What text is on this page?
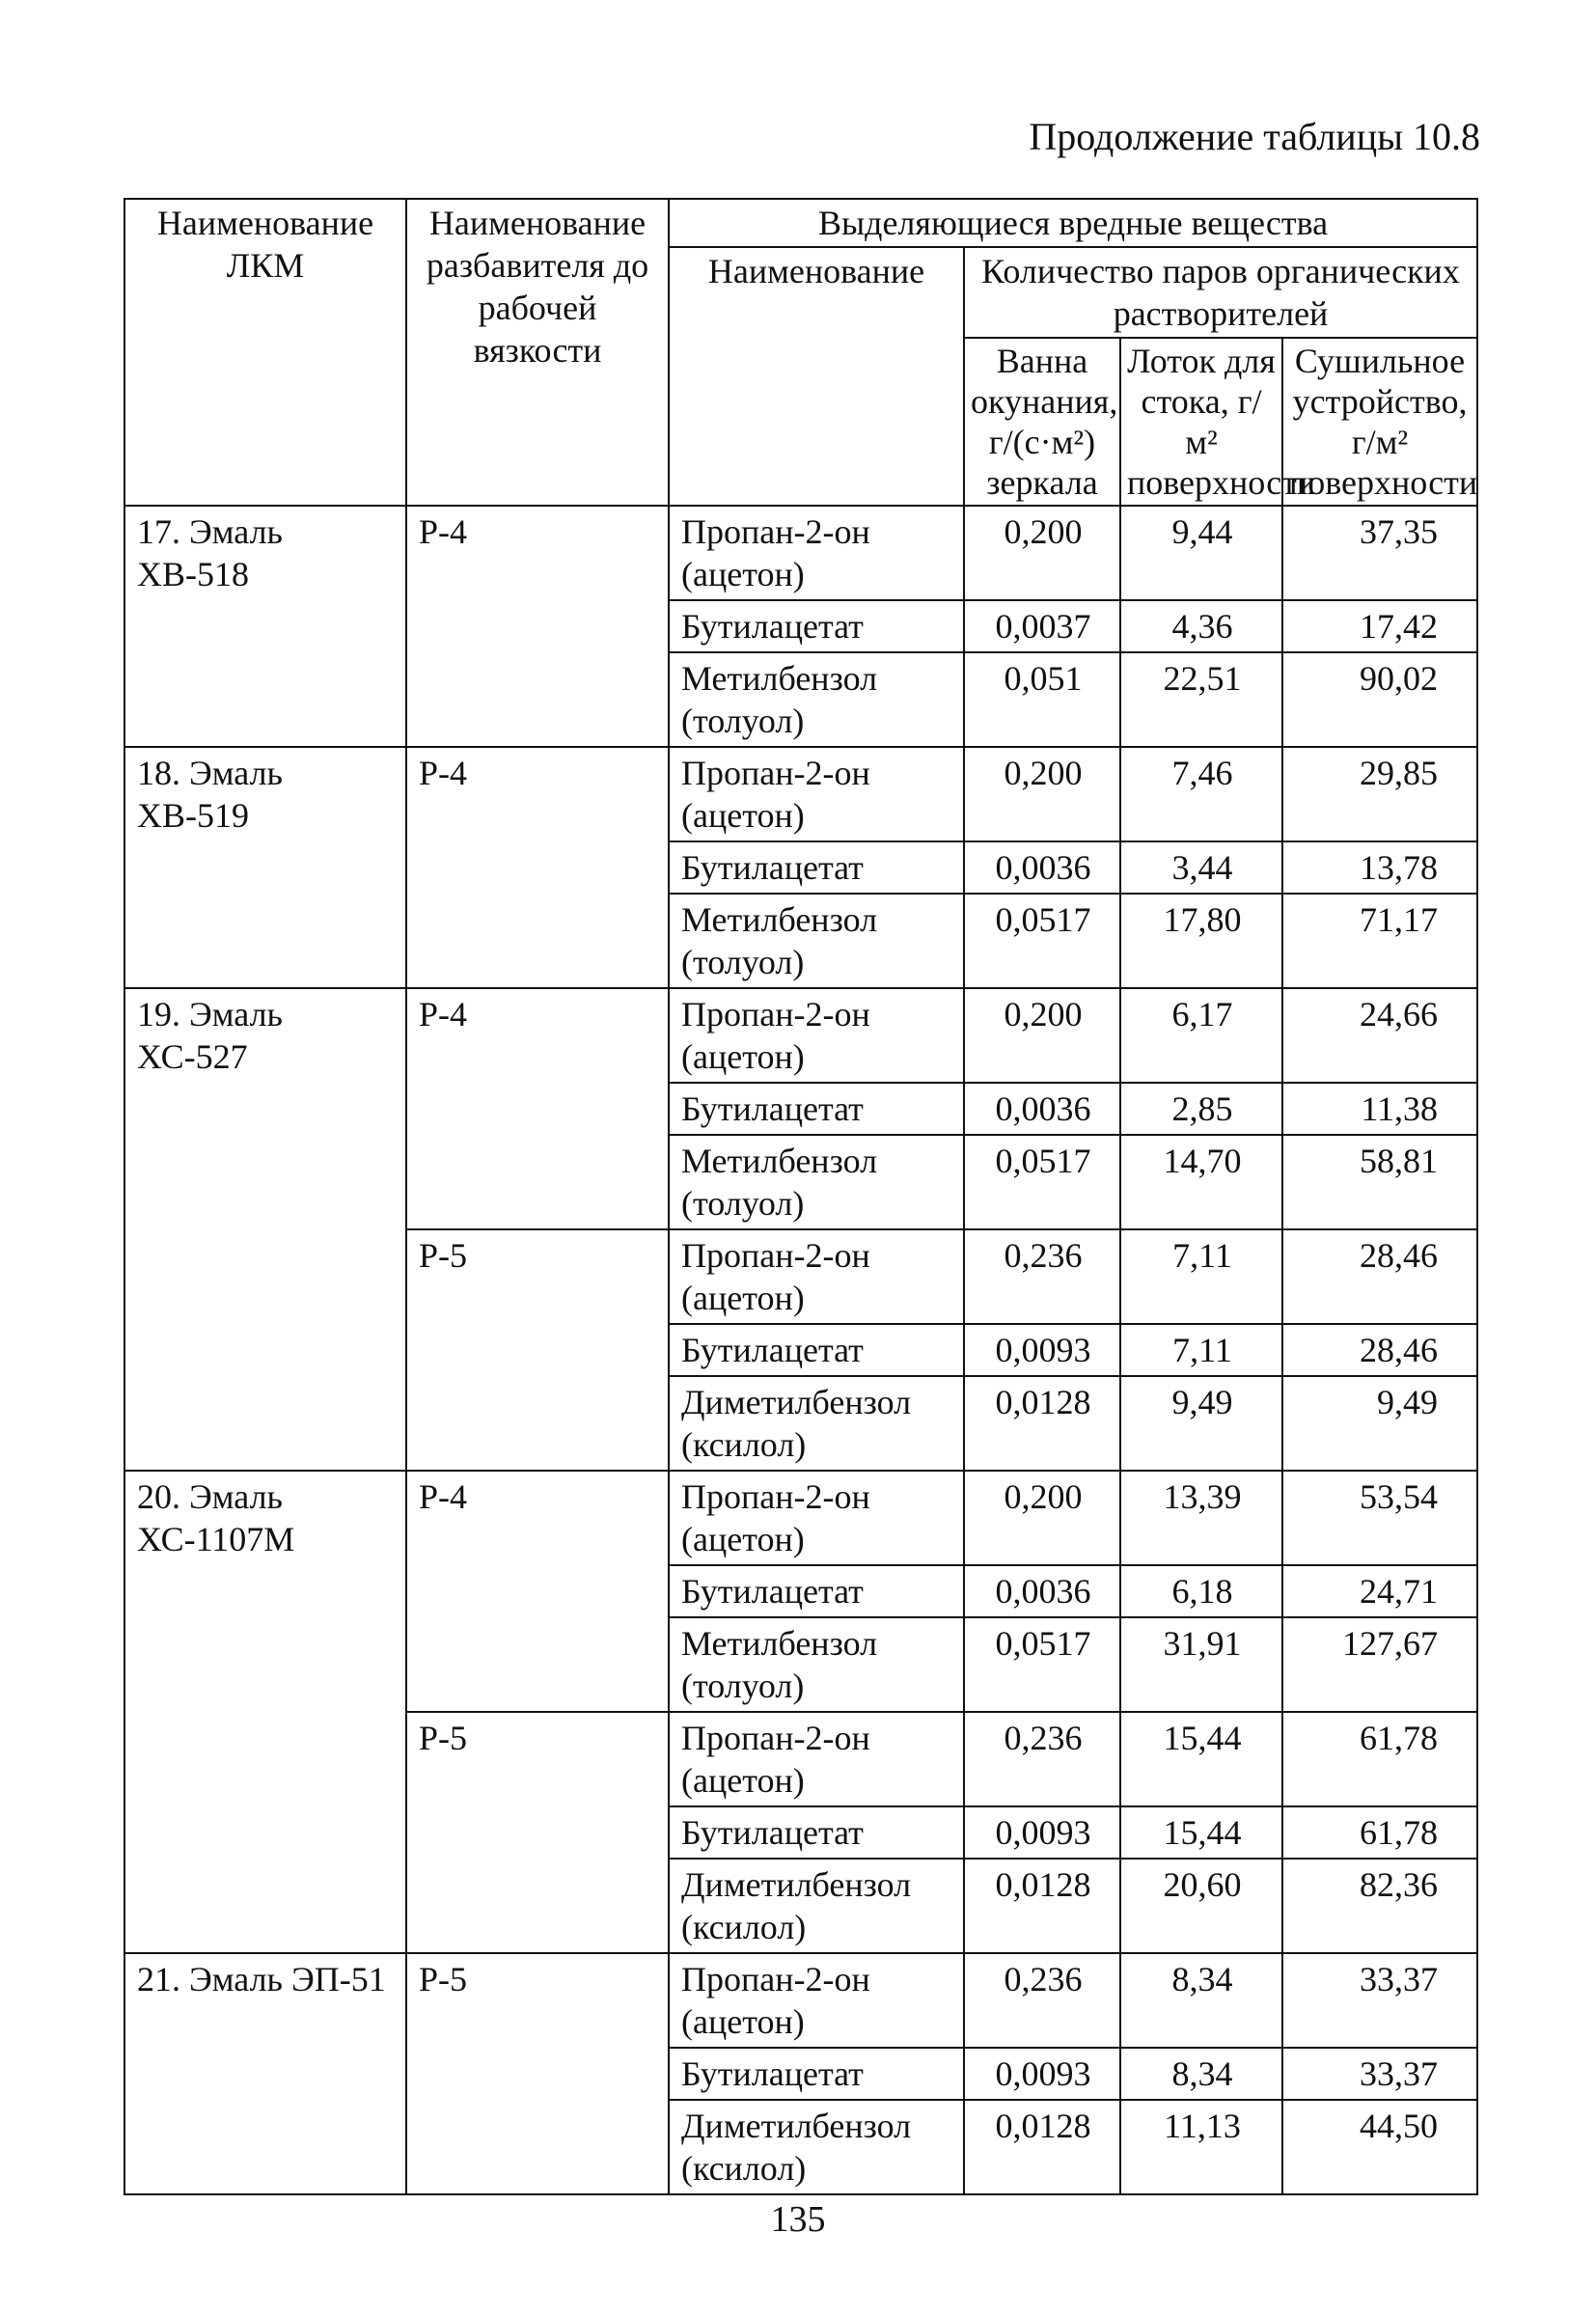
Продолжение таблицы 10.8
Наименование ЛКМ	Наименование разбавителя до рабочей вязкости	Выделяющиеся вредные вещества			
		Наименование	Количество паров органических растворителей		
			Ванна окунания, г/(с·м²) зеркала	Лоток для стока, г/м² поверхности	Сушильное устройство, г/м² поверхности
17. Эмаль ХВ-518	Р-4	Пропан-2-он (ацетон)	0,200	9,44	37,35
		Бутилацетат	0,0037	4,36	17,42
		Метилбензол (толуол)	0,051	22,51	90,02
18. Эмаль ХВ-519	Р-4	Пропан-2-он (ацетон)	0,200	7,46	29,85
		Бутилацетат	0,0036	3,44	13,78
		Метилбензол (толуол)	0,0517	17,80	71,17
19. Эмаль ХС-527	Р-4	Пропан-2-он (ацетон)	0,200	6,17	24,66
		Бутилацетат	0,0036	2,85	11,38
		Метилбензол (толуол)	0,0517	14,70	58,81
	Р-5	Пропан-2-он (ацетон)	0,236	7,11	28,46
		Бутилацетат	0,0093	7,11	28,46
		Диметилбензол (ксилол)	0,0128	9,49	9,49
20. Эмаль ХС-1107М	Р-4	Пропан-2-он (ацетон)	0,200	13,39	53,54
		Бутилацетат	0,0036	6,18	24,71
		Метилбензол (толуол)	0,0517	31,91	127,67
	Р-5	Пропан-2-он (ацетон)	0,236	15,44	61,78
		Бутилацетат	0,0093	15,44	61,78
		Диметилбензол (ксилол)	0,0128	20,60	82,36
21. Эмаль ЭП-51	Р-5	Пропан-2-он (ацетон)	0,236	8,34	33,37
		Бутилацетат	0,0093	8,34	33,37
		Диметилбензол (ксилол)	0,0128	11,13	44,50
135
